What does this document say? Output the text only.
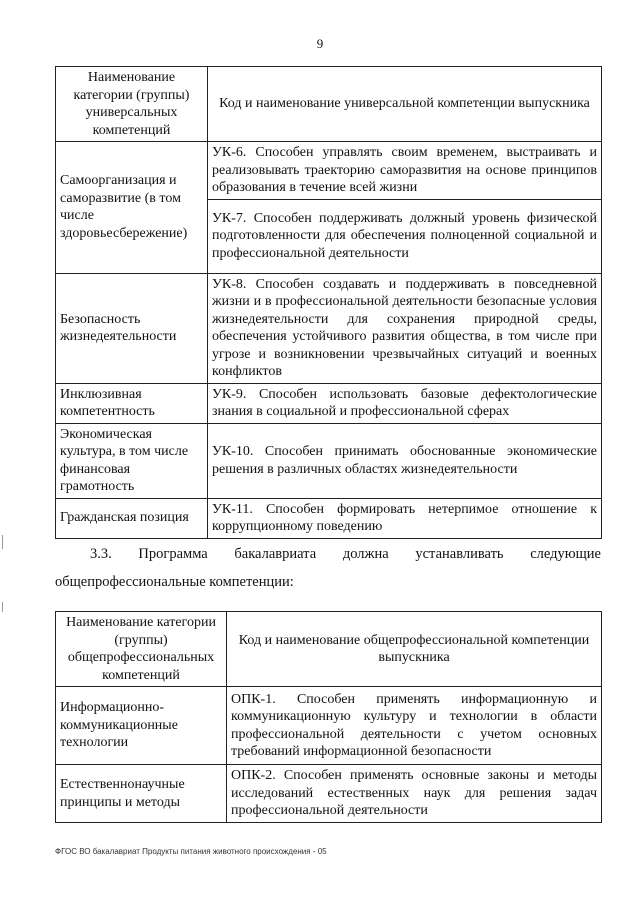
9
Наименование категории (группы) универсальных компетенций	Код и наименование универсальной компетенции выпускника
Самоорганизация и саморазвитие (в том числе здоровьесбережение)	УК-6. Способен управлять своим временем, выстраивать и реализовывать траекторию саморазвития на основе принципов образования в течение всей жизни
	УК-7. Способен поддерживать должный уровень физической подготовленности для обеспечения полноценной социальной и профессиональной деятельности
Безопасность жизнедеятельности	УК-8. Способен создавать и поддерживать в повседневной жизни и в профессиональной деятельности безопасные условия жизнедеятельности для сохранения природной среды, обеспечения устойчивого развития общества, в том числе при угрозе и возникновении чрезвычайных ситуаций и военных конфликтов
Инклюзивная компетентность	УК-9. Способен использовать базовые дефектологические знания в социальной и профессиональной сферах
Экономическая культура, в том числе финансовая грамотность	УК-10. Способен принимать обоснованные экономические решения в различных областях жизнедеятельности
Гражданская позиция	УК-11. Способен формировать нетерпимое отношение к коррупционному поведению
3.3. Программа бакалавриата должна устанавливать следующие
общепрофессиональные компетенции:
Наименование категории (группы) общепрофессиональных компетенций	Код и наименование общепрофессиональной компетенции выпускника
Информационно-коммуникационные технологии	ОПК-1. Способен применять информационную и коммуникационную культуру и технологии в области профессиональной деятельности с учетом основных требований информационной безопасности
Естественнонаучные принципы и методы	ОПК-2. Способен применять основные законы и методы исследований естественных наук для решения задач профессиональной деятельности
ФГОС ВО бакалавриат Продукты питания животного происхождения - 05
